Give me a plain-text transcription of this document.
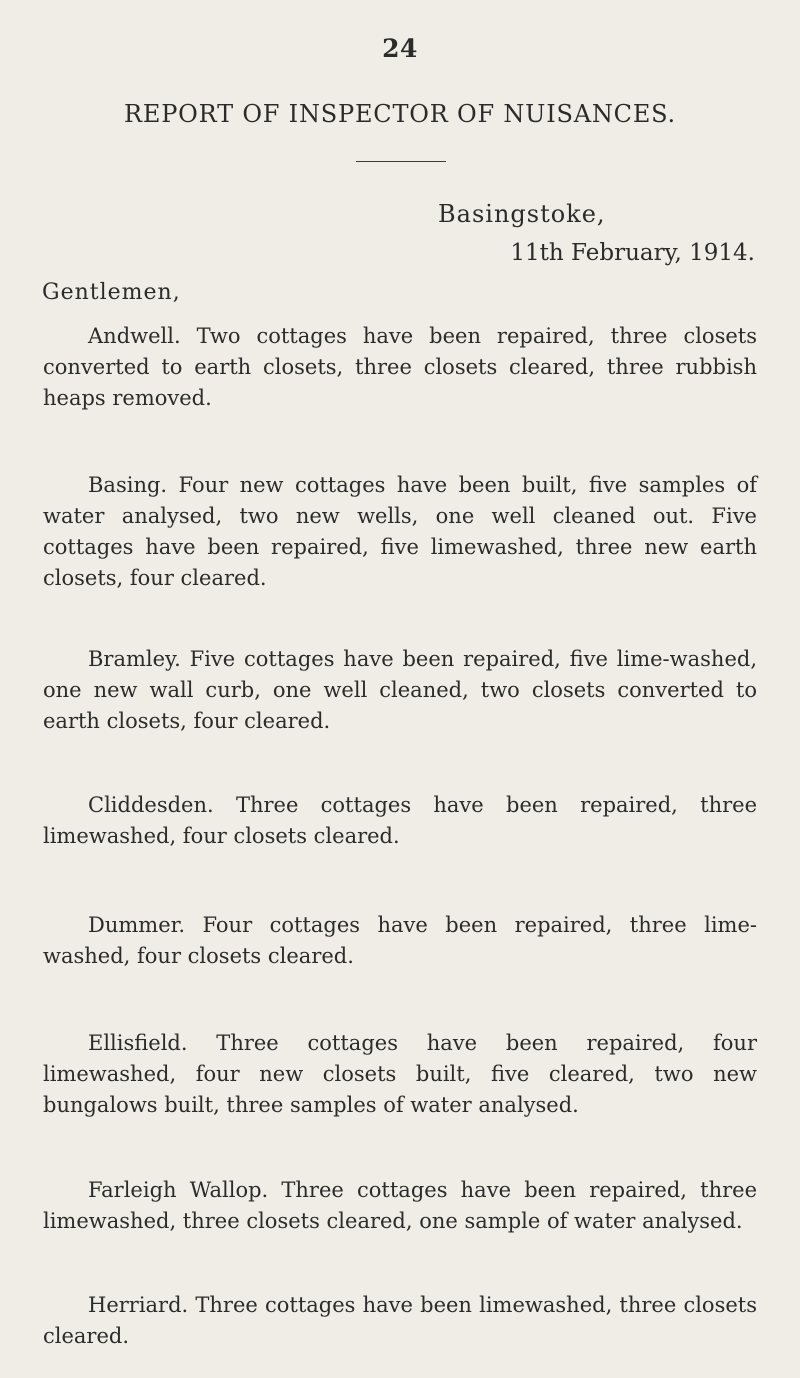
24
REPORT OF INSPECTOR OF NUISANCES.
Basingstoke,
11th February, 1914.
Gentlemen,
Andwell. Two cottages have been repaired, three closets converted to earth closets, three closets cleared, three rubbish heaps removed.
Basing. Four new cottages have been built, five samples of water analysed, two new wells, one well cleaned out. Five cottages have been repaired, five limewashed, three new earth closets, four cleared.
Bramley. Five cottages have been repaired, five lime-washed, one new wall curb, one well cleaned, two closets converted to earth closets, four cleared.
Cliddesden. Three cottages have been repaired, three limewashed, four closets cleared.
Dummer. Four cottages have been repaired, three lime-washed, four closets cleared.
Ellisfield. Three cottages have been repaired, four limewashed, four new closets built, five cleared, two new bungalows built, three samples of water analysed.
Farleigh Wallop. Three cottages have been repaired, three limewashed, three closets cleared, one sample of water analysed.
Herriard. Three cottages have been limewashed, three closets cleared.
